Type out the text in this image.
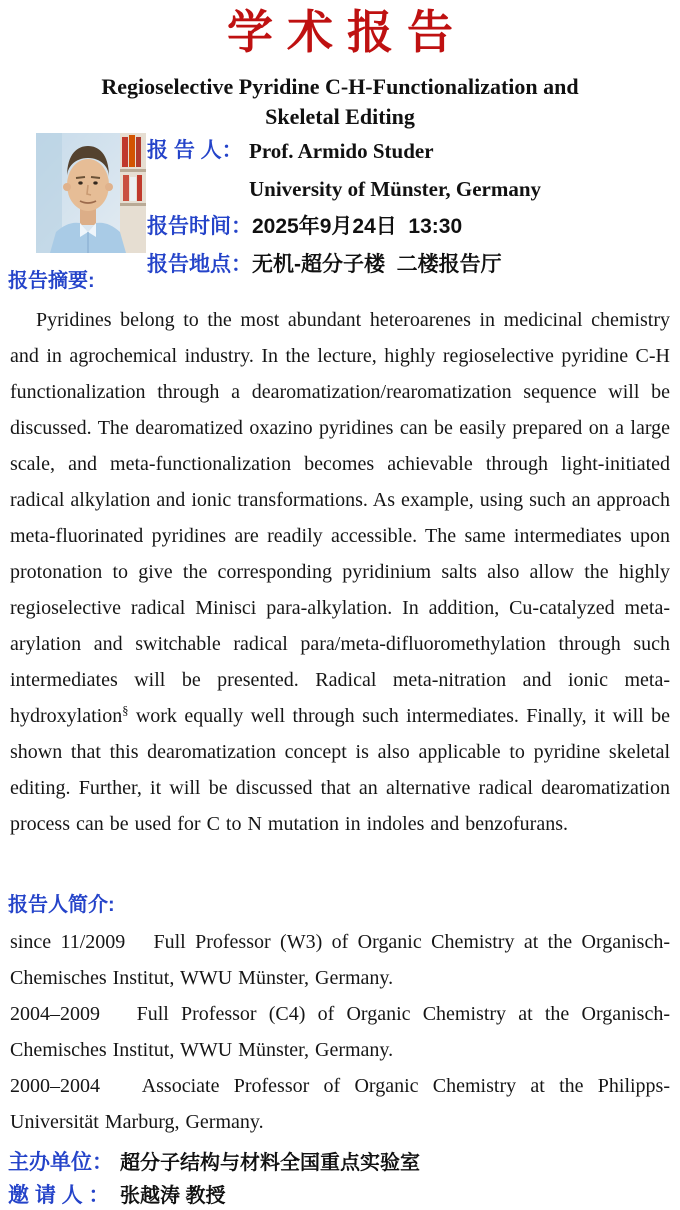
学术报告
Regioselective Pyridine C-H-Functionalization and
Skeletal Editing
报 告 人： Prof. Armido Studer
University of Münster, Germany
报告时间： 2025年9月24日  13:30
报告地点： 无机-超分子楼  二楼报告厅
报告摘要:

Pyridines belong to the most abundant heteroarenes in medicinal chemistry and in agrochemical industry. In the lecture, highly regioselective pyridine C-H functionalization through a dearomatization/rearomatization sequence will be discussed. The dearomatized oxazino pyridines can be easily prepared on a large scale, and meta-functionalization becomes achievable through light-initiated radical alkylation and ionic transformations. As example, using such an approach meta-fluorinated pyridines are readily accessible. The same intermediates upon protonation to give the corresponding pyridinium salts also allow the highly regioselective radical Minisci para-alkylation. In addition, Cu-catalyzed meta-arylation and switchable radical para/meta-difluoromethylation through such intermediates will be presented. Radical meta-nitration and ionic meta-hydroxylation§ work equally well through such intermediates. Finally, it will be shown that this dearomatization concept is also applicable to pyridine skeletal editing. Further, it will be discussed that an alternative radical dearomatization process can be used for C to N mutation in indoles and benzofurans.

报告人简介:

since 11/2009   Full Professor (W3) of Organic Chemistry at the Organisch-Chemisches Institut, WWU Münster, Germany.

2004–2009   Full Professor (C4) of Organic Chemistry at the Organisch-Chemisches Institut, WWU Münster, Germany.

2000–2004   Associate Professor of Organic Chemistry at the Philipps-Universität Marburg, Germany.

主办单位： 超分子结构与材料全国重点实验室
邀 请 人 ： 张越涛 教授
